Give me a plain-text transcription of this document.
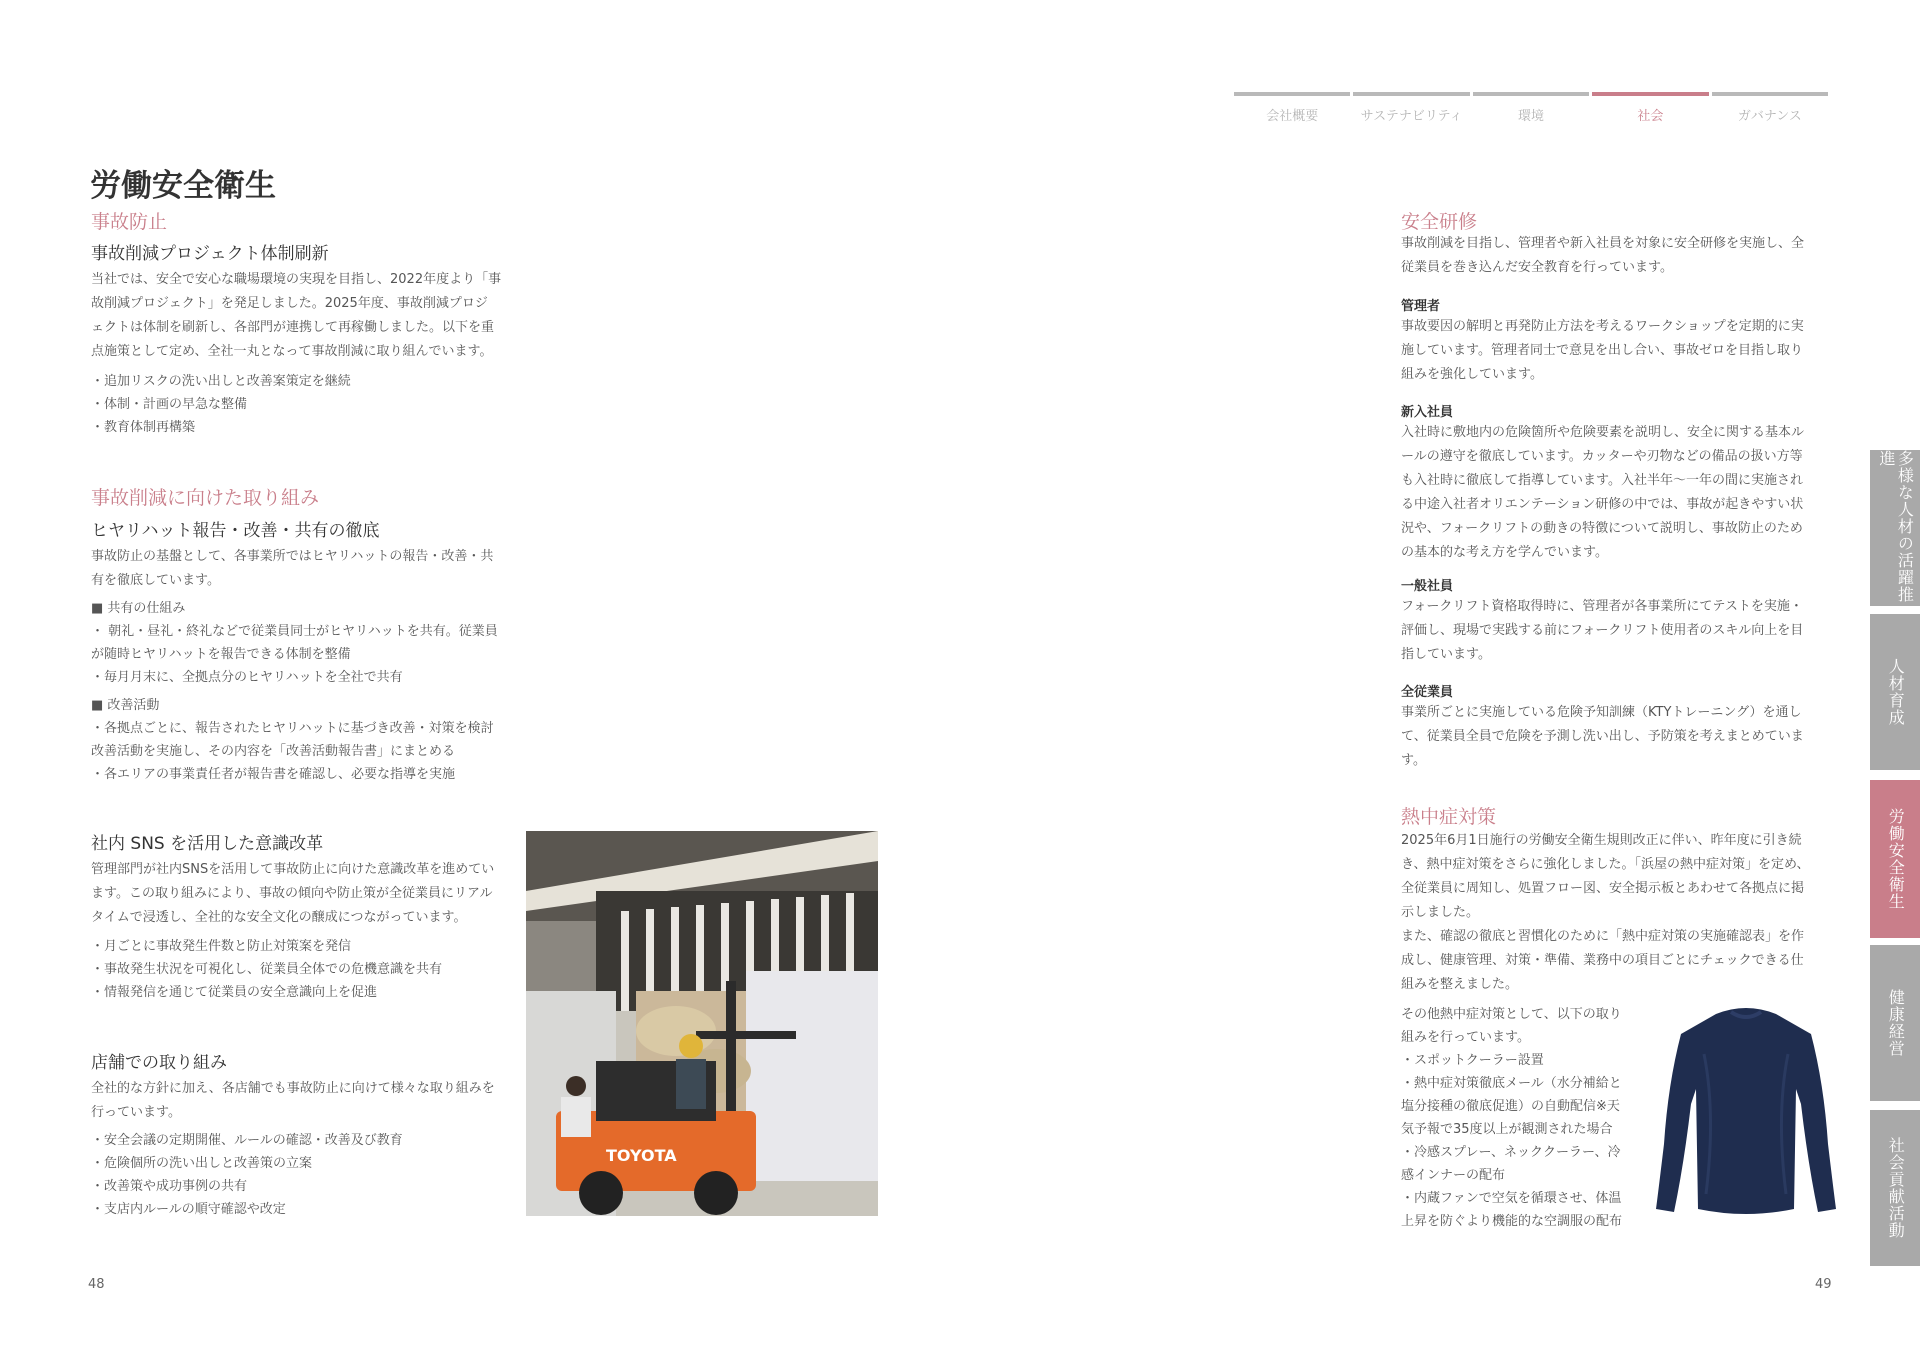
会社概要	サステナビリティ	環境	社会	ガバナンス
多様な人材の活躍推進
人材育成
労働安全衛生
健康経営
社会貢献活動
労働安全衛生
事故防止
事故削減プロジェクト体制刷新
当社では、安全で安心な職場環境の実現を目指し、2022年度より「事
故削減プロジェクト」を発足しました。2025年度、事故削減プロジ
ェクトは体制を刷新し、各部門が連携して再稼働しました。以下を重
点施策として定め、全社一丸となって事故削減に取り組んでいます。
・追加リスクの洗い出しと改善案策定を継続
・体制・計画の早急な整備
・教育体制再構築
事故削減に向けた取り組み
ヒヤリハット報告・改善・共有の徹底
事故防止の基盤として、各事業所ではヒヤリハットの報告・改善・共
有を徹底しています。
■ 共有の仕組み
・ 朝礼・昼礼・終礼などで従業員同士がヒヤリハットを共有。従業員
が随時ヒヤリハットを報告できる体制を整備
・毎月月末に、全拠点分のヒヤリハットを全社で共有
■ 改善活動
・各拠点ごとに、報告されたヒヤリハットに基づき改善・対策を検討
改善活動を実施し、その内容を「改善活動報告書」にまとめる
・各エリアの事業責任者が報告書を確認し、必要な指導を実施
社内 SNS を活用した意識改革
管理部門が社内SNSを活用して事故防止に向けた意識改革を進めてい
ます。この取り組みにより、事故の傾向や防止策が全従業員にリアル
タイムで浸透し、全社的な安全文化の醸成につながっています。
・月ごとに事故発生件数と防止対策案を発信
・事故発生状況を可視化し、従業員全体での危機意識を共有
・情報発信を通じて従業員の安全意識向上を促進
店舗での取り組み
全社的な方針に加え、各店舗でも事故防止に向けて様々な取り組みを
行っています。
・安全会議の定期開催、ルールの確認・改善及び教育
・危険個所の洗い出しと改善策の立案
・改善策や成功事例の共有
・支店内ルールの順守確認や改定
TOYOTA
48
安全研修
事故削減を目指し、管理者や新入社員を対象に安全研修を実施し、全
従業員を巻き込んだ安全教育を行っています。
管理者
事故要因の解明と再発防止方法を考えるワークショップを定期的に実
施しています。管理者同士で意見を出し合い、事故ゼロを目指し取り
組みを強化しています。
新入社員
入社時に敷地内の危険箇所や危険要素を説明し、安全に関する基本ル
ールの遵守を徹底しています。カッターや刃物などの備品の扱い方等
も入社時に徹底して指導しています。入社半年〜一年の間に実施され
る中途入社者オリエンテーション研修の中では、事故が起きやすい状
況や、フォークリフトの動きの特徴について説明し、事故防止のため
の基本的な考え方を学んでいます。
一般社員
フォークリフト資格取得時に、管理者が各事業所にてテストを実施・
評価し、現場で実践する前にフォークリフト使用者のスキル向上を目
指しています。
全従業員
事業所ごとに実施している危険予知訓練（KTYトレーニング）を通し
て、従業員全員で危険を予測し洗い出し、予防策を考えまとめていま
す。
熱中症対策
2025年6月1日施行の労働安全衛生規則改正に伴い、昨年度に引き続
き、熱中症対策をさらに強化しました。「浜屋の熱中症対策」を定め、
全従業員に周知し、処置フロー図、安全掲示板とあわせて各拠点に掲
示しました。
また、確認の徹底と習慣化のために「熱中症対策の実施確認表」を作
成し、健康管理、対策・準備、業務中の項目ごとにチェックできる仕
組みを整えました。
その他熱中症対策として、以下の取り
組みを行っています。
・スポットクーラー設置
・熱中症対策徹底メール（水分補給と
塩分接種の徹底促進）の自動配信※天
気予報で35度以上が観測された場合
・冷感スプレー、ネッククーラー、冷
感インナーの配布
・内蔵ファンで空気を循環させ、体温
上昇を防ぐより機能的な空調服の配布
49
